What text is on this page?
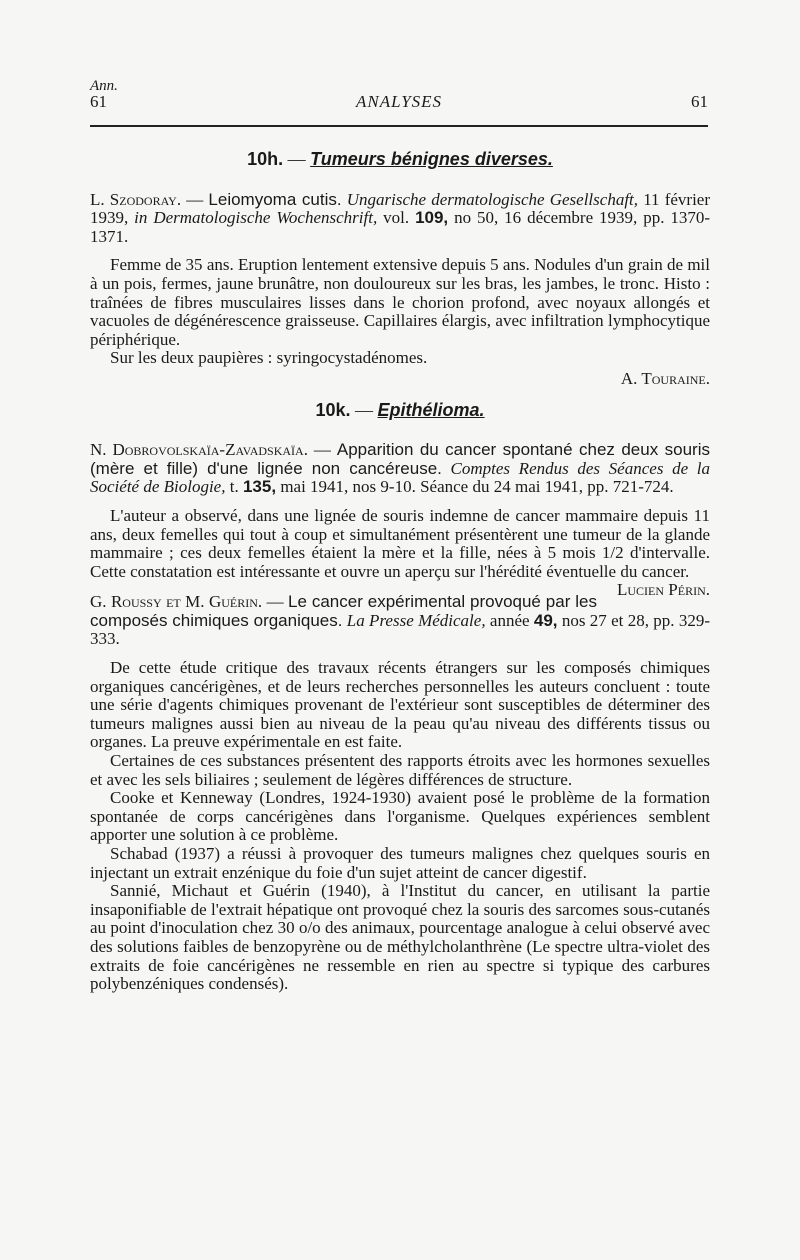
Ann.
61	ANALYSES	61
10h. — Tumeurs bénignes diverses.

L. Szodoray. — Leiomyoma cutis. Ungarische dermatologische Gesellschaft, 11 février 1939, in Dermatologische Wochenschrift, vol. 109, no 50, 16 décembre 1939, pp. 1370-1371.

Femme de 35 ans. Eruption lentement extensive depuis 5 ans. Nodules d'un grain de mil à un pois, fermes, jaune brunâtre, non douloureux sur les bras, les jambes, le tronc. Histo : traînées de fibres musculaires lisses dans le chorion profond, avec noyaux allongés et vacuoles de dégénérescence graisseuse. Capillaires élargis, avec infiltration lymphocytique périphérique.

Sur les deux paupières : syringocystadénomes.

A. Touraine.

10k. — Epithélioma.

N. Dobrovolskaïa-Zavadskaïa. — Apparition du cancer spontané chez deux souris (mère et fille) d'une lignée non cancéreuse. Comptes Rendus des Séances de la Société de Biologie, t. 135, mai 1941, nos 9-10. Séance du 24 mai 1941, pp. 721-724.

L'auteur a observé, dans une lignée de souris indemne de cancer mammaire depuis 11 ans, deux femelles qui tout à coup et simultanément présentèrent une tumeur de la glande mammaire ; ces deux femelles étaient la mère et la fille, nées à 5 mois 1/2 d'intervalle. Cette constatation est intéressante et ouvre un aperçu sur l'hérédité éventuelle du cancer.
Lucien Périn.

G. Roussy et M. Guérin. — Le cancer expérimental provoqué par les composés chimiques organiques. La Presse Médicale, année 49, nos 27 et 28, pp. 329-333.

De cette étude critique des travaux récents étrangers sur les composés chimiques organiques cancérigènes, et de leurs recherches personnelles les auteurs concluent : toute une série d'agents chimiques provenant de l'extérieur sont susceptibles de déterminer des tumeurs malignes aussi bien au niveau de la peau qu'au niveau des différents tissus ou organes. La preuve expérimentale en est faite.

Certaines de ces substances présentent des rapports étroits avec les hormones sexuelles et avec les sels biliaires ; seulement de légères différences de structure.

Cooke et Kenneway (Londres, 1924-1930) avaient posé le problème de la formation spontanée de corps cancérigènes dans l'organisme. Quelques expériences semblent apporter une solution à ce problème.

Schabad (1937) a réussi à provoquer des tumeurs malignes chez quelques souris en injectant un extrait enzénique du foie d'un sujet atteint de cancer digestif.

Sannié, Michaut et Guérin (1940), à l'Institut du cancer, en utilisant la partie insaponifiable de l'extrait hépatique ont provoqué chez la souris des sarcomes sous-cutanés au point d'inoculation chez 30 o/o des animaux, pourcentage analogue à celui observé avec des solutions faibles de benzopyrène ou de méthylcholanthrène (Le spectre ultra-violet des extraits de foie cancérigènes ne ressemble en rien au spectre si typique des carbures polybenzéniques condensés).
